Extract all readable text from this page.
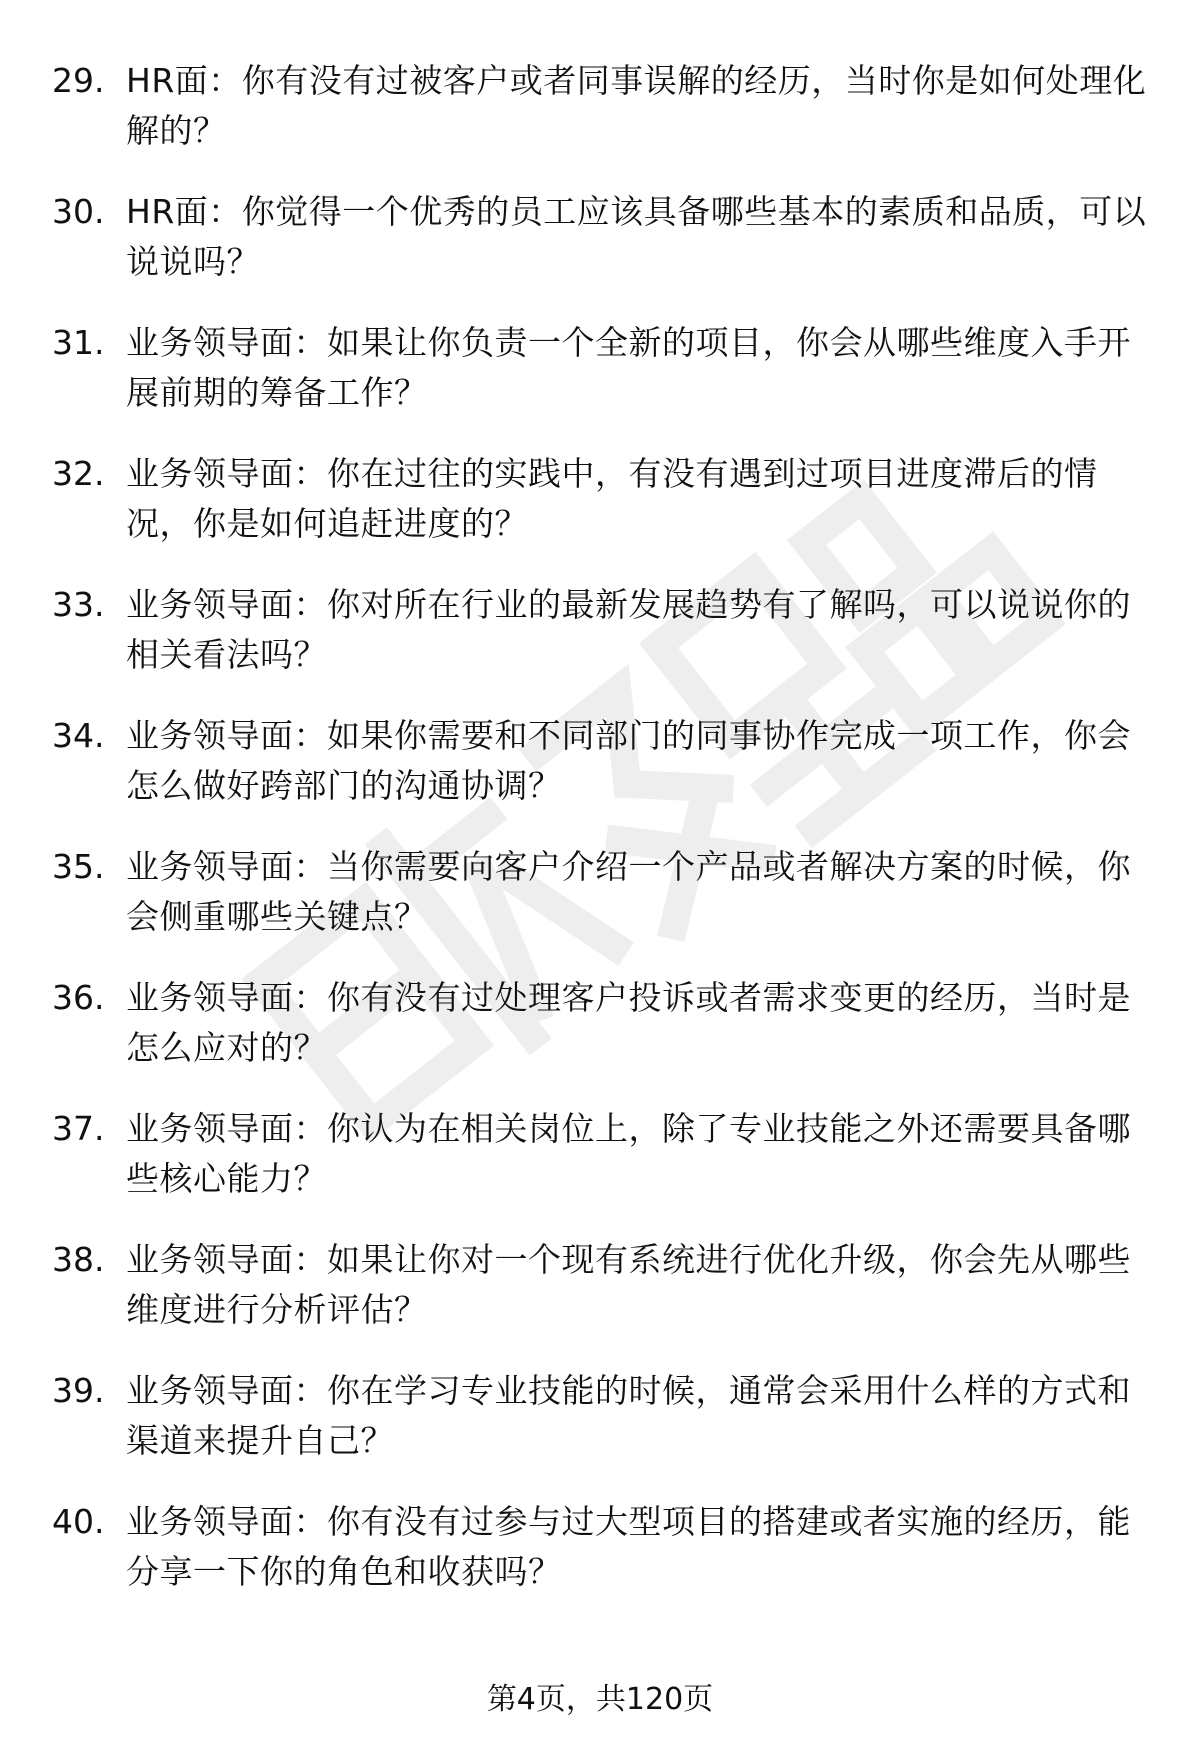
29. HR面：你有没有过被客户或者同事误解的经历，当时你是如何处理化解的？
30. HR面：你觉得一个优秀的员工应该具备哪些基本的素质和品质，可以说说吗？
31. 业务领导面：如果让你负责一个全新的项目，你会从哪些维度入手开展前期的筹备工作？
32. 业务领导面：你在过往的实践中，有没有遇到过项目进度滞后的情况，你是如何追赶进度的？
33. 业务领导面：你对所在行业的最新发展趋势有了解吗，可以说说你的相关看法吗？
34. 业务领导面：如果你需要和不同部门的同事协作完成一项工作，你会怎么做好跨部门的沟通协调？
35. 业务领导面：当你需要向客户介绍一个产品或者解决方案的时候，你会侧重哪些关键点？
36. 业务领导面：你有没有过处理客户投诉或者需求变更的经历，当时是怎么应对的？
37. 业务领导面：你认为在相关岗位上，除了专业技能之外还需要具备哪些核心能力？
38. 业务领导面：如果让你对一个现有系统进行优化升级，你会先从哪些维度进行分析评估？
39. 业务领导面：你在学习专业技能的时候，通常会采用什么样的方式和渠道来提升自己？
40. 业务领导面：你有没有过参与过大型项目的搭建或者实施的经历，能分享一下你的角色和收获吗？
第4页，共120页
